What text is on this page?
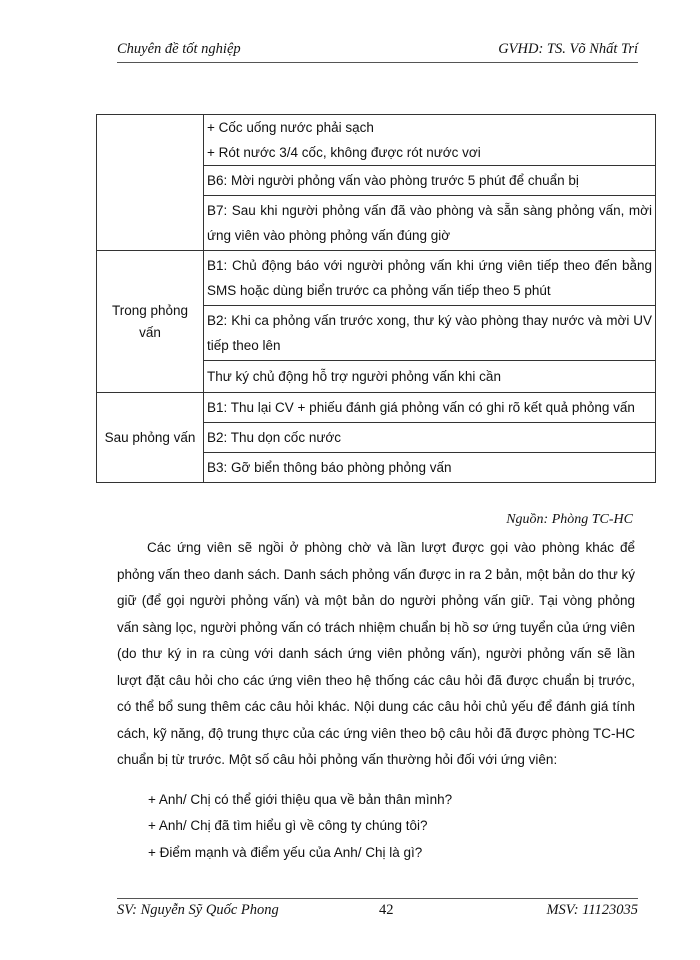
Chuyên đề tốt nghiệp	GVHD: TS. Võ Nhất Trí
	+ Cốc uống nước phải sạch
	+ Rót nước 3/4 cốc, không được rót nước vơi
	B6: Mời người phỏng vấn vào phòng trước 5 phút để chuẩn bị
	B7: Sau khi người phỏng vấn đã vào phòng và sẵn sàng phỏng vấn, mời ứng viên vào phòng phỏng vấn đúng giờ
Trong phỏng vấn	B1: Chủ động báo với người phỏng vấn khi ứng viên tiếp theo đến bằng SMS hoặc dùng biển trước ca phỏng vấn tiếp theo 5 phút
	B2: Khi ca phỏng vấn trước xong, thư ký vào phòng thay nước và mời UV tiếp theo lên
	Thư ký chủ động hỗ trợ người phỏng vấn khi cần
Sau phỏng vấn	B1: Thu lại CV + phiếu đánh giá phỏng vấn có ghi rõ kết quả phỏng vấn
	B2: Thu dọn cốc nước
	B3: Gỡ biển thông báo phòng phỏng vấn
Nguồn: Phòng TC-HC

Các ứng viên sẽ ngồi ở phòng chờ và lần lượt được gọi vào phòng khác để phỏng vấn theo danh sách. Danh sách phỏng vấn được in ra 2 bản, một bản do thư ký giữ (để gọi người phỏng vấn) và một bản do người phỏng vấn giữ. Tại vòng phỏng vấn sàng lọc, người phỏng vấn có trách nhiệm chuẩn bị hồ sơ ứng tuyển của ứng viên (do thư ký in ra cùng với danh sách ứng viên phỏng vấn), người phỏng vấn sẽ lần lượt đặt câu hỏi cho các ứng viên theo hệ thống các câu hỏi đã được chuẩn bị trước, có thể bổ sung thêm các câu hỏi khác. Nội dung các câu hỏi chủ yếu để đánh giá tính cách, kỹ năng, độ trung thực của các ứng viên theo bộ câu hỏi đã được phòng TC-HC chuẩn bị từ trước. Một số câu hỏi phỏng vấn thường hỏi đối với ứng viên:

+ Anh/ Chị có thể giới thiệu qua về bản thân mình?
+ Anh/ Chị đã tìm hiểu gì về công ty chúng tôi?
+ Điểm mạnh và điểm yếu của Anh/ Chị là gì?
SV: Nguyễn Sỹ Quốc Phong	42	MSV: 11123035
